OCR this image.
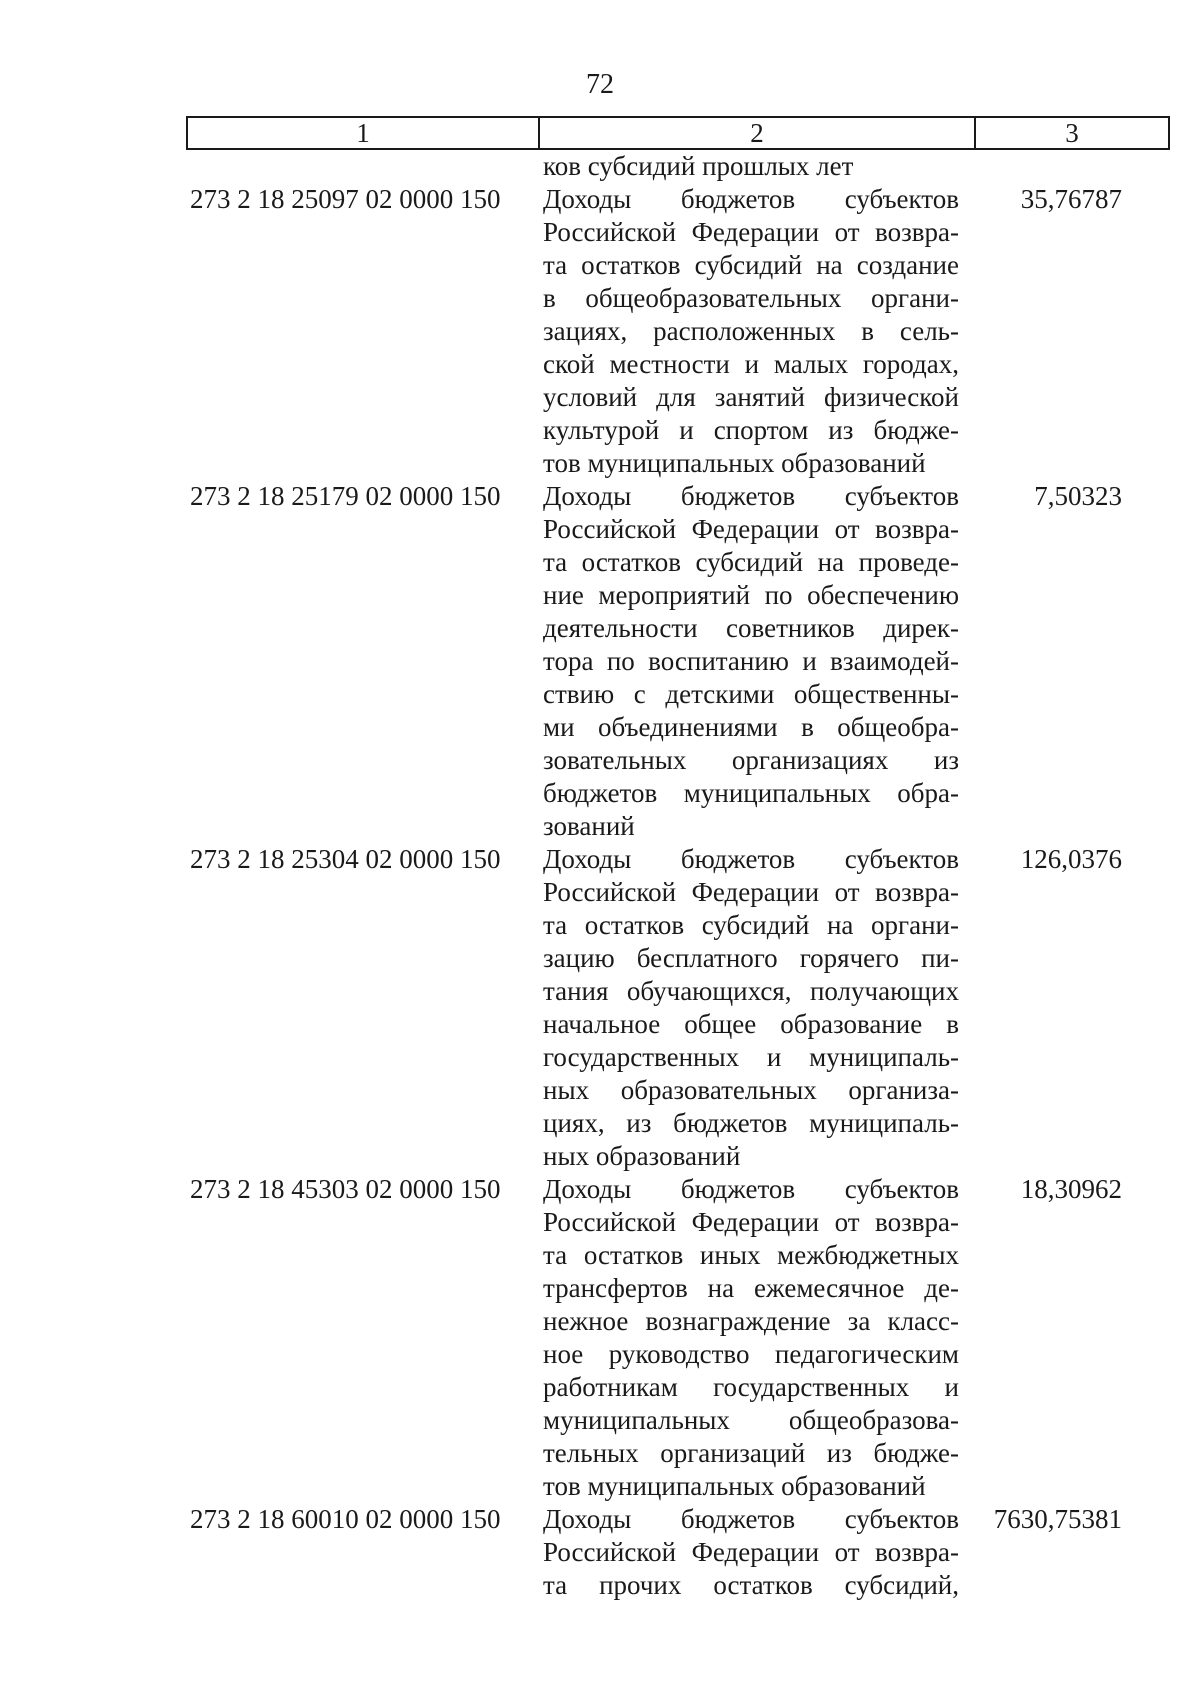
72
1	2	3
ков субсидий прошлых лет
273 2 18 25097 02 0000 150	Доходы бюджетов субъектов
Российской Федерации от возвра-
та остатков субсидий на создание
в общеобразовательных органи-
зациях, расположенных в сель-
ской местности и малых городах,
условий для занятий физической
культурой и спортом из бюдже-
тов муниципальных образований
35,76787
273 2 18 25179 02 0000 150	Доходы бюджетов субъектов
Российской Федерации от возвра-
та остатков субсидий на проведе-
ние мероприятий по обеспечению
деятельности советников дирек-
тора по воспитанию и взаимодей-
ствию с детскими общественны-
ми объединениями в общеобра-
зовательных организациях из
бюджетов муниципальных обра-
зований
7,50323
273 2 18 25304 02 0000 150	Доходы бюджетов субъектов
Российской Федерации от возвра-
та остатков субсидий на органи-
зацию бесплатного горячего пи-
тания обучающихся, получающих
начальное общее образование в
государственных и муниципаль-
ных образовательных организа-
циях, из бюджетов муниципаль-
ных образований
126,0376
273 2 18 45303 02 0000 150	Доходы бюджетов субъектов
Российской Федерации от возвра-
та остатков иных межбюджетных
трансфертов на ежемесячное де-
нежное вознаграждение за класс-
ное руководство педагогическим
работникам государственных и
муниципальных общеобразова-
тельных организаций из бюдже-
тов муниципальных образований
18,30962
273 2 18 60010 02 0000 150	Доходы бюджетов субъектов
Российской Федерации от возвра-
та прочих остатков субсидий,
7630,75381
